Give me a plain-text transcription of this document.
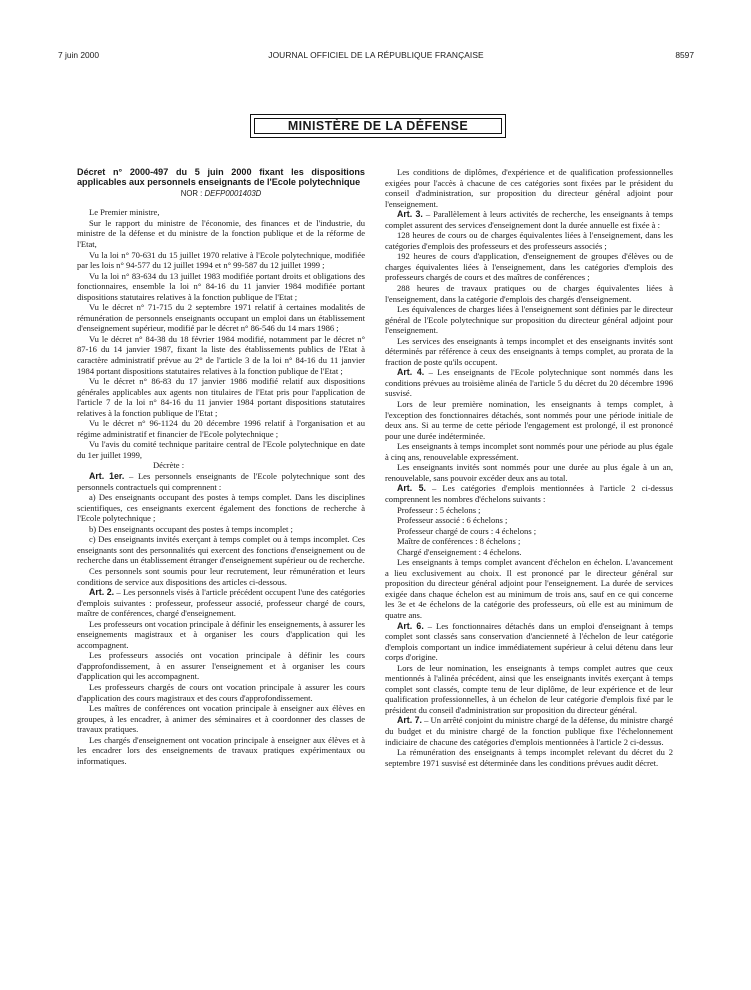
7 juin 2000	JOURNAL OFFICIEL DE LA RÉPUBLIQUE FRANÇAISE	8597
MINISTÈRE DE LA DÉFENSE

Décret n° 2000-497 du 5 juin 2000 fixant les dispositions applicables aux personnels enseignants de l'Ecole polytechnique

NOR : DEFP0001403D

Le Premier ministre,

Sur le rapport du ministre de l'économie, des finances et de l'industrie, du ministre de la défense et du ministre de la fonction publique et de la réforme de l'Etat,

Vu la loi n° 70-631 du 15 juillet 1970 relative à l'Ecole polytechnique, modifiée par les lois n° 94-577 du 12 juillet 1994 et n° 99-587 du 12 juillet 1999 ;

Vu la loi n° 83-634 du 13 juillet 1983 modifiée portant droits et obligations des fonctionnaires, ensemble la loi n° 84-16 du 11 janvier 1984 modifiée portant dispositions statutaires relatives à la fonction publique de l'Etat ;

Vu le décret n° 71-715 du 2 septembre 1971 relatif à certaines modalités de rémunération de personnels enseignants occupant un emploi dans un établissement d'enseignement supérieur, modifié par le décret n° 86-546 du 14 mars 1986 ;

Vu le décret n° 84-38 du 18 février 1984 modifié, notamment par le décret n° 87-16 du 14 janvier 1987, fixant la liste des établissements publics de l'Etat à caractère administratif prévue au 2° de l'article 3 de la loi n° 84-16 du 11 janvier 1984 portant dispositions statutaires relatives à la fonction publique de l'Etat ;

Vu le décret n° 86-83 du 17 janvier 1986 modifié relatif aux dispositions générales applicables aux agents non titulaires de l'Etat pris pour l'application de l'article 7 de la loi n° 84-16 du 11 janvier 1984 portant dispositions statutaires relatives à la fonction publique de l'Etat ;

Vu le décret n° 96-1124 du 20 décembre 1996 relatif à l'organisation et au régime administratif et financier de l'Ecole polytechnique ;

Vu l'avis du comité technique paritaire central de l'Ecole polytechnique en date du 1er juillet 1999,

Décrète :

Art. 1er. – Les personnels enseignants de l'Ecole polytechnique sont des personnels contractuels qui comprennent :

a) Des enseignants occupant des postes à temps complet. Dans les disciplines scientifiques, ces enseignants exercent également des fonctions de recherche à l'Ecole polytechnique ;

b) Des enseignants occupant des postes à temps incomplet ;

c) Des enseignants invités exerçant à temps complet ou à temps incomplet. Ces enseignants sont des personnalités qui exercent des fonctions d'enseignement ou de recherche dans un établissement étranger d'enseignement supérieur ou de recherche.

Ces personnels sont soumis pour leur recrutement, leur rémunération et leurs conditions de service aux dispositions des articles ci-dessous.

Art. 2. – Les personnels visés à l'article précédent occupent l'une des catégories d'emplois suivantes : professeur, professeur associé, professeur chargé de cours, maître de conférences, chargé d'enseignement.

Les professeurs ont vocation principale à définir les enseignements, à assurer les enseignements magistraux et à organiser les cours d'application qui les accompagnent.

Les professeurs associés ont vocation principale à définir les cours d'approfondissement, à en assurer l'enseignement et à organiser les cours d'application qui les accompagnent.

Les professeurs chargés de cours ont vocation principale à assurer les cours d'application des cours magistraux et des cours d'approfondissement.

Les maîtres de conférences ont vocation principale à enseigner aux élèves en groupes, à les encadrer, à animer des séminaires et à coordonner des classes de travaux pratiques.

Les chargés d'enseignement ont vocation principale à enseigner aux élèves et à les encadrer lors des enseignements de travaux pratiques expérimentaux ou informatiques.

Les conditions de diplômes, d'expérience et de qualification professionnelles exigées pour l'accès à chacune de ces catégories sont fixées par le président du conseil d'administration, sur proposition du directeur général adjoint pour l'enseignement.

Art. 3. – Parallèlement à leurs activités de recherche, les enseignants à temps complet assurent des services d'enseignement dont la durée annuelle est fixée à :

128 heures de cours ou de charges équivalentes liées à l'enseignement, dans les catégories d'emplois des professeurs et des professeurs associés ;

192 heures de cours d'application, d'enseignement de groupes d'élèves ou de charges équivalentes liées à l'enseignement, dans les catégories d'emplois des professeurs chargés de cours et des maîtres de conférences ;

288 heures de travaux pratiques ou de charges équivalentes liées à l'enseignement, dans la catégorie d'emplois des chargés d'enseignement.

Les équivalences de charges liées à l'enseignement sont définies par le directeur général de l'Ecole polytechnique sur proposition du directeur général adjoint pour l'enseignement.

Les services des enseignants à temps incomplet et des enseignants invités sont déterminés par référence à ceux des enseignants à temps complet, au prorata de la fraction de poste qu'ils occupent.

Art. 4. – Les enseignants de l'Ecole polytechnique sont nommés dans les conditions prévues au troisième alinéa de l'article 5 du décret du 20 décembre 1996 susvisé.

Lors de leur première nomination, les enseignants à temps complet, à l'exception des fonctionnaires détachés, sont nommés pour une période initiale de deux ans. Si au terme de cette période l'engagement est prolongé, il est prononcé pour une durée indéterminée.

Les enseignants à temps incomplet sont nommés pour une période au plus égale à cinq ans, renouvelable expressément.

Les enseignants invités sont nommés pour une durée au plus égale à un an, renouvelable, sans pouvoir excéder deux ans au total.

Art. 5. – Les catégories d'emplois mentionnées à l'article 2 ci-dessus comprennent les nombres d'échelons suivants :

Professeur : 5 échelons ;

Professeur associé : 6 échelons ;

Professeur chargé de cours : 4 échelons ;

Maître de conférences : 8 échelons ;

Chargé d'enseignement : 4 échelons.

Les enseignants à temps complet avancent d'échelon en échelon. L'avancement a lieu exclusivement au choix. Il est prononcé par le directeur général sur proposition du directeur général adjoint pour l'enseignement. La durée de services exigée dans chaque échelon est au minimum de trois ans, sauf en ce qui concerne les 3e et 4e échelons de la catégorie des professeurs, où elle est au minimum de quatre ans.

Art. 6. – Les fonctionnaires détachés dans un emploi d'enseignant à temps complet sont classés sans conservation d'ancienneté à l'échelon de leur catégorie d'emplois comportant un indice immédiatement supérieur à celui détenu dans leur corps d'origine.

Lors de leur nomination, les enseignants à temps complet autres que ceux mentionnés à l'alinéa précédent, ainsi que les enseignants invités exerçant à temps complet sont classés, compte tenu de leur diplôme, de leur expérience et de leur qualification professionnelles, à un échelon de leur catégorie d'emplois fixé par le président du conseil d'administration sur proposition du directeur général.

Art. 7. – Un arrêté conjoint du ministre chargé de la défense, du ministre chargé du budget et du ministre chargé de la fonction publique fixe l'échelonnement indiciaire de chacune des catégories d'emplois mentionnées à l'article 2 ci-dessus.

La rémunération des enseignants à temps incomplet relevant du décret du 2 septembre 1971 susvisé est déterminée dans les conditions prévues audit décret.
